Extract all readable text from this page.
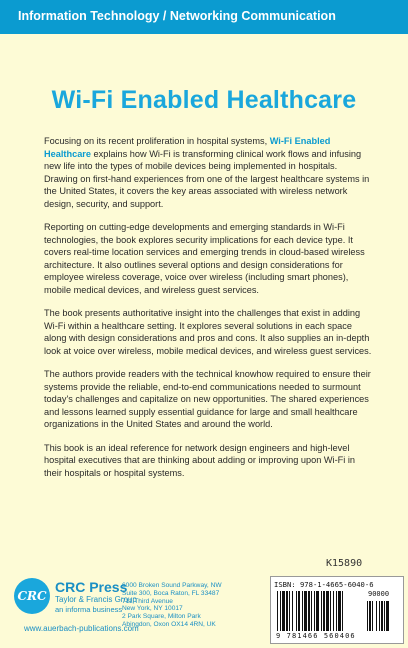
Information Technology / Networking Communication
Wi-Fi Enabled Healthcare

Focusing on its recent proliferation in hospital systems, Wi-Fi Enabled Healthcare explains how Wi-Fi is transforming clinical work flows and infusing new life into the types of mobile devices being implemented in hospitals. Drawing on first-hand experiences from one of the largest healthcare systems in the United States, it covers the key areas associated with wireless network design, security, and support.

Reporting on cutting-edge developments and emerging standards in Wi-Fi technologies, the book explores security implications for each device type. It covers real-time location services and emerging trends in cloud-based wireless architecture. It also outlines several options and design considerations for employee wireless coverage, voice over wireless (including smart phones), mobile medical devices, and wireless guest services.

The book presents authoritative insight into the challenges that exist in adding Wi-Fi within a healthcare setting. It explores several solutions in each space along with design considerations and pros and cons. It also supplies an in-depth look at voice over wireless, mobile medical devices, and wireless guest services.

The authors provide readers with the technical knowhow required to ensure their systems provide the reliable, end-to-end communications needed to surmount today's challenges and capitalize on new opportunities. The shared experiences and lessons learned supply essential guidance for large and small healthcare organizations in the United States and around the world.

This book is an ideal reference for network design engineers and high-level hospital executives that are thinking about adding or improving upon Wi-Fi in their hospitals or hospital systems.

K15890
CRC
CRC Press
Taylor & Francis Group
an informa business
www.auerbach-publications.com
6000 Broken Sound Parkway, NW
Suite 300, Boca Raton, FL 33487
711 Third Avenue
New York, NY 10017
2 Park Square, Milton Park
Abingdon, Oxon OX14 4RN, UK
ISBN: 978-1-4665-6040-6
90000
9 781466 560406
